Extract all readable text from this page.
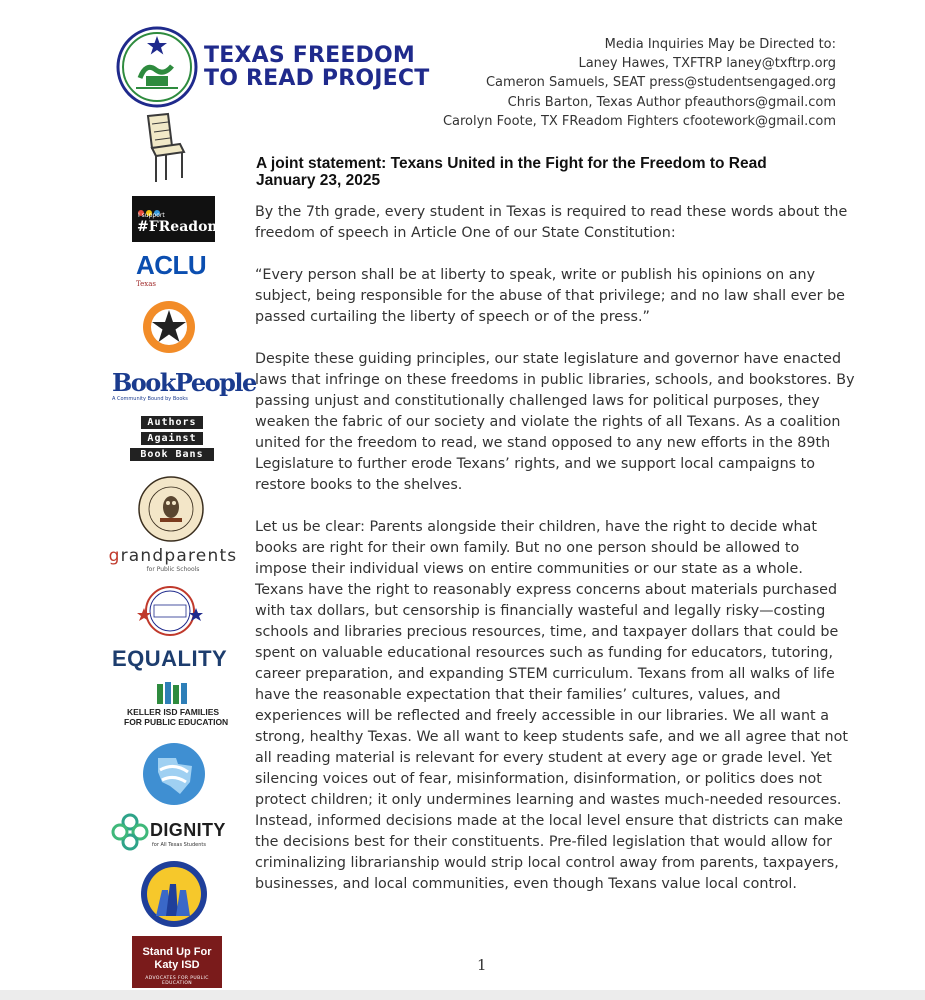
TEXAS FREEDOM
TO READ PROJECT
Media Inquiries May be Directed to:
Laney Hawes, TXFTRP laney@txftrp.org
Cameron Samuels, SEAT press@studentsengaged.org
Chris Barton, Texas Author pfeauthors@gmail.com
Carolyn Foote, TX FReadom Fighters cfootework@gmail.com
I support
#FReadom
ACLU
Texas
BookPeople
A Community Bound by Books
Authors
Against
Book Bans
grandparents
for Public Schools
EQUALITY
KELLER ISD FAMILIES
FOR PUBLIC EDUCATION
DIGNITY
for All Texas Students
Stand Up For
Katy ISD
ADVOCATES FOR PUBLIC EDUCATION
A joint statement: Texans United in the Fight for the Freedom to Read
January 23, 2025

By the 7th grade, every student in Texas is required to read these words about the freedom of speech in Article One of our State Constitution:

“Every person shall be at liberty to speak, write or publish his opinions on any subject, being responsible for the abuse of that privilege; and no law shall ever be passed curtailing the liberty of speech or of the press.”

Despite these guiding principles, our state legislature and governor have enacted laws that infringe on these freedoms in public libraries, schools, and bookstores. By passing unjust and constitutionally challenged laws for political purposes, they weaken the fabric of our society and violate the rights of all Texans. As a coalition united for the freedom to read, we stand opposed to any new efforts in the 89th Legislature to further erode Texans’ rights, and we support local campaigns to restore books to the shelves.

Let us be clear: Parents alongside their children, have the right to decide what books are right for their own family. But no one person should be allowed to impose their individual views on entire communities or our state as a whole. Texans have the right to reasonably express concerns about materials purchased with tax dollars, but censorship is financially wasteful and legally risky—costing schools and libraries precious resources, time, and taxpayer dollars that could be spent on valuable educational resources such as funding for educators, tutoring, career preparation, and expanding STEM curriculum. Texans from all walks of life have the reasonable expectation that their families’ cultures, values, and experiences will be reflected and freely accessible in our libraries. We all want a strong, healthy Texas. We all want to keep students safe, and we all agree that not all reading material is relevant for every student at every age or grade level. Yet silencing voices out of fear, misinformation, disinformation, or politics does not protect children; it only undermines learning and wastes much-needed resources. Instead, informed decisions made at the local level ensure that districts can make the decisions best for their constituents. Pre-filed legislation that would allow for criminalizing librarianship would strip local control away from parents, taxpayers, businesses, and local communities, even though Texans value local control.

1
